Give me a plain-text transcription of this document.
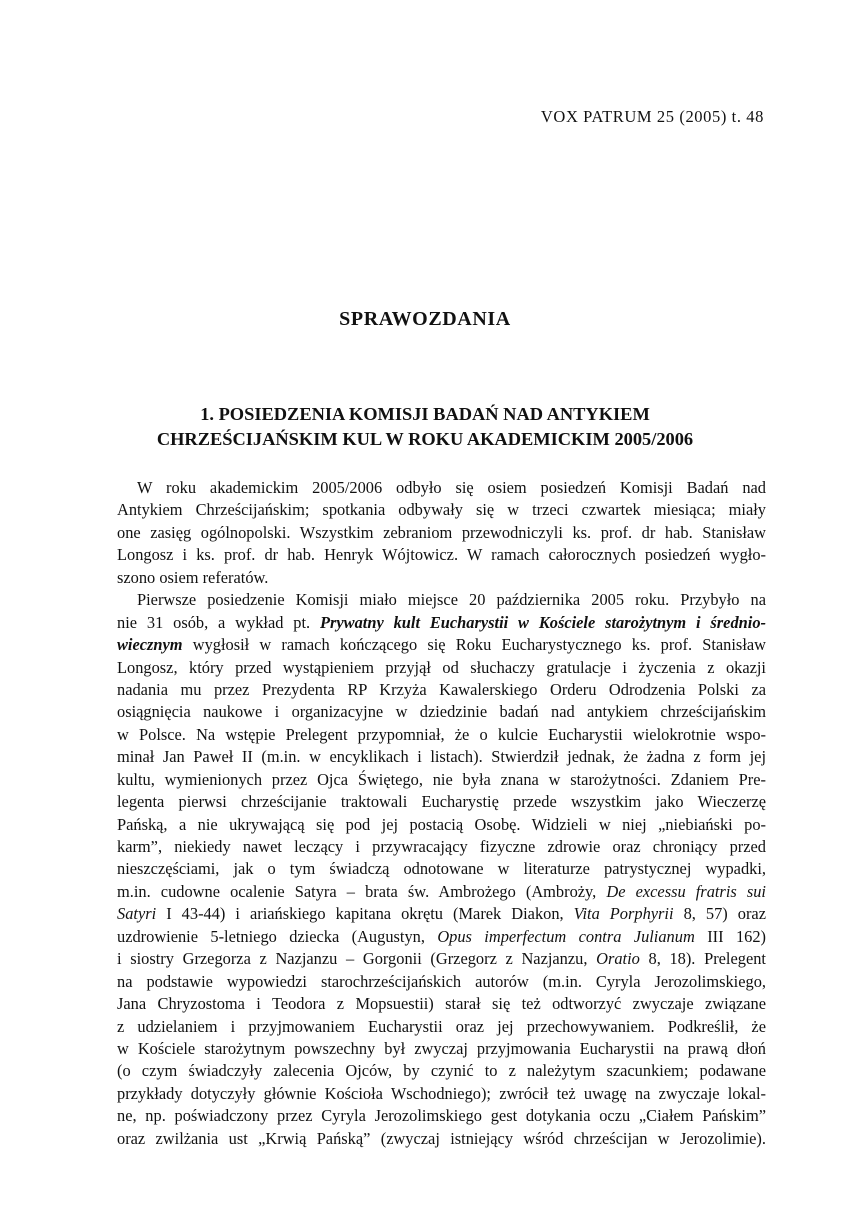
VOX PATRUM 25 (2005) t. 48
SPRAWOZDANIA
1. POSIEDZENIA KOMISJI BADAŃ NAD ANTYKIEM
CHRZEŚCIJAŃSKIM KUL W ROKU AKADEMICKIM 2005/2006
W roku akademickim 2005/2006 odbyło się osiem posiedzeń Komisji Badań nad
Antykiem Chrześcijańskim; spotkania odbywały się w trzeci czwartek miesiąca; miały
one zasięg ogólnopolski. Wszystkim zebraniom przewodniczyli ks. prof. dr hab. Stanisław
Longosz i ks. prof. dr hab. Henryk Wójtowicz. W ramach całorocznych posiedzeń wygło-
szono osiem referatów.
Pierwsze posiedzenie Komisji miało miejsce 20 października 2005 roku. Przybyło na
nie 31 osób, a wykład pt. Prywatny kult Eucharystii w Kościele starożytnym i średnio-
wiecznym wygłosił w ramach kończącego się Roku Eucharystycznego ks. prof. Stanisław
Longosz, który przed wystąpieniem przyjął od słuchaczy gratulacje i życzenia z okazji
nadania mu przez Prezydenta RP Krzyża Kawalerskiego Orderu Odrodzenia Polski za
osiągnięcia naukowe i organizacyjne w dziedzinie badań nad antykiem chrześcijańskim
w Polsce. Na wstępie Prelegent przypomniał, że o kulcie Eucharystii wielokrotnie wspo-
minał Jan Paweł II (m.in. w encyklikach i listach). Stwierdził jednak, że żadna z form jej
kultu, wymienionych przez Ojca Świętego, nie była znana w starożytności. Zdaniem Pre-
legenta pierwsi chrześcijanie traktowali Eucharystię przede wszystkim jako Wieczerzę
Pańską, a nie ukrywającą się pod jej postacią Osobę. Widzieli w niej „niebiański po-
karm”, niekiedy nawet leczący i przywracający fizyczne zdrowie oraz chroniący przed
nieszczęściami, jak o tym świadczą odnotowane w literaturze patrystycznej wypadki,
m.in. cudowne ocalenie Satyra – brata św. Ambrożego (Ambroży, De excessu fratris sui
Satyri I 43-44) i ariańskiego kapitana okrętu (Marek Diakon, Vita Porphyrii 8, 57) oraz
uzdrowienie 5-letniego dziecka (Augustyn, Opus imperfectum contra Julianum III 162)
i siostry Grzegorza z Nazjanzu – Gorgonii (Grzegorz z Nazjanzu, Oratio 8, 18). Prelegent
na podstawie wypowiedzi starochrześcijańskich autorów (m.in. Cyryla Jerozolimskiego,
Jana Chryzostoma i Teodora z Mopsuestii) starał się też odtworzyć zwyczaje związane
z udzielaniem i przyjmowaniem Eucharystii oraz jej przechowywaniem. Podkreślił, że
w Kościele starożytnym powszechny był zwyczaj przyjmowania Eucharystii na prawą dłoń
(o czym świadczyły zalecenia Ojców, by czynić to z należytym szacunkiem; podawane
przykłady dotyczyły głównie Kościoła Wschodniego); zwrócił też uwagę na zwyczaje lokal-
ne, np. poświadczony przez Cyryla Jerozolimskiego gest dotykania oczu „Ciałem Pańskim”
oraz zwilżania ust „Krwią Pańską” (zwyczaj istniejący wśród chrześcijan w Jerozolimie).
